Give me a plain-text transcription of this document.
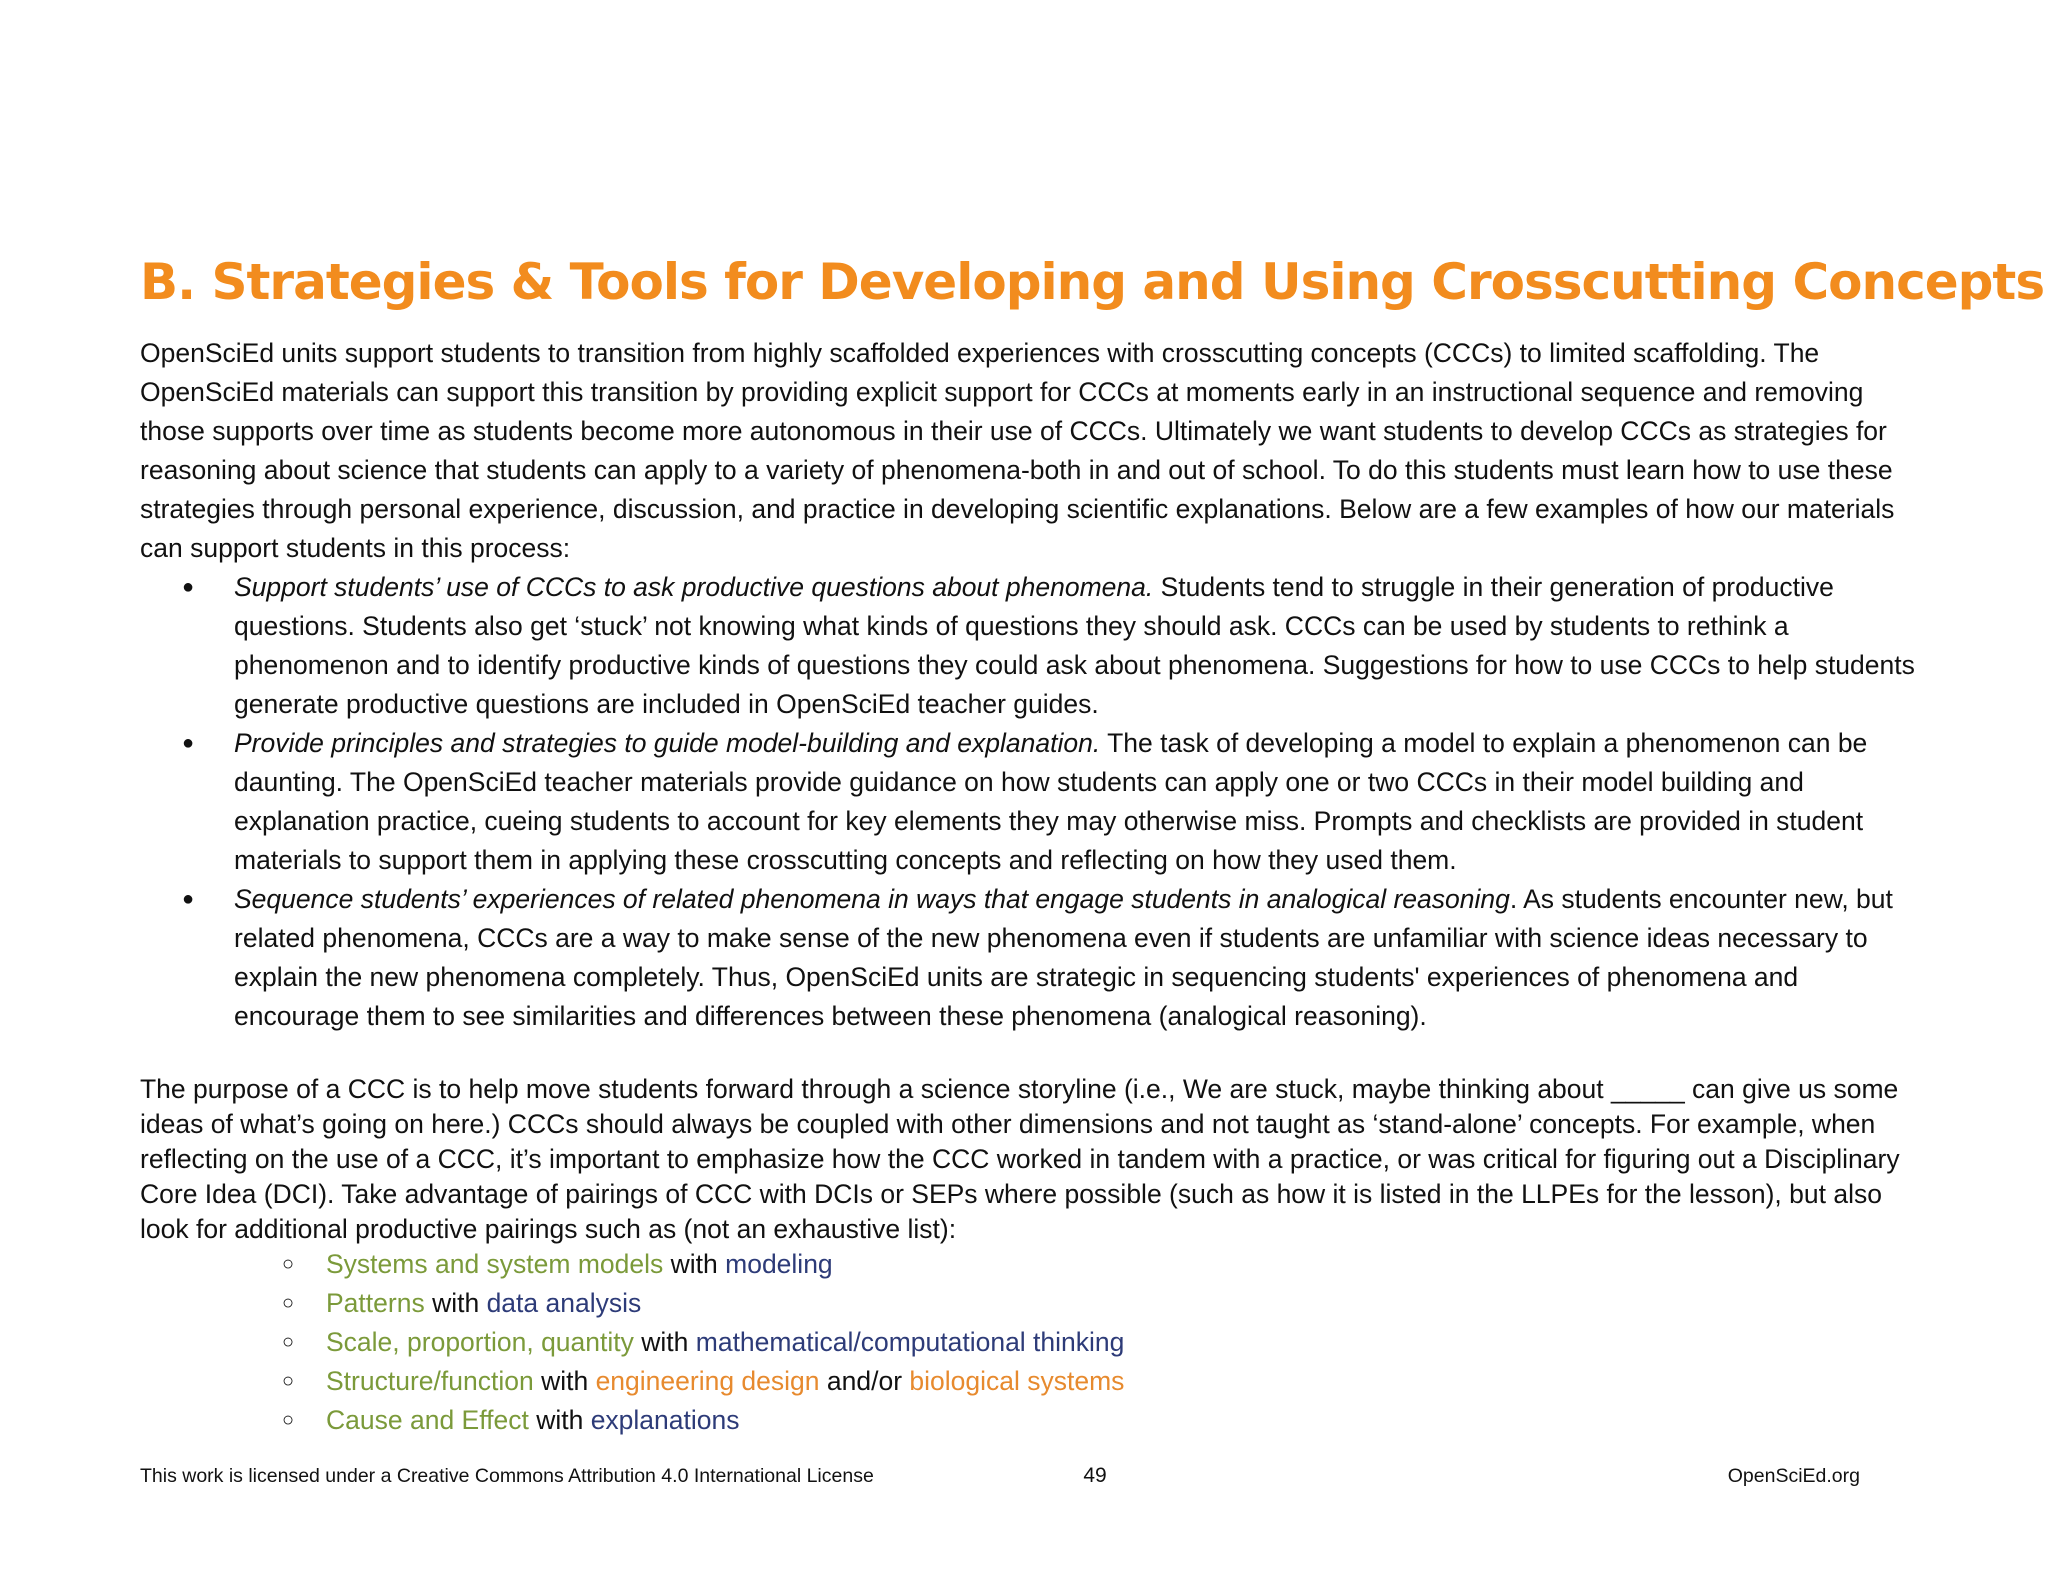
B. Strategies & Tools for Developing and Using Crosscutting Concepts

OpenSciEd units support students to transition from highly scaffolded experiences with crosscutting concepts (CCCs) to limited scaffolding. The OpenSciEd materials can support this transition by providing explicit support for CCCs at moments early in an instructional sequence and removing those supports over time as students become more autonomous in their use of CCCs. Ultimately we want students to develop CCCs as strategies for reasoning about science that students can apply to a variety of phenomena-both in and out of school. To do this students must learn how to use these strategies through personal experience, discussion, and practice in developing scientific explanations. Below are a few examples of how our materials can support students in this process:

● Support students’ use of CCCs to ask productive questions about phenomena. Students tend to struggle in their generation of productive questions. Students also get ‘stuck’ not knowing what kinds of questions they should ask. CCCs can be used by students to rethink a phenomenon and to identify productive kinds of questions they could ask about phenomena. Suggestions for how to use CCCs to help students generate productive questions are included in OpenSciEd teacher guides.
● Provide principles and strategies to guide model-building and explanation. The task of developing a model to explain a phenomenon can be daunting. The OpenSciEd teacher materials provide guidance on how students can apply one or two CCCs in their model building and explanation practice, cueing students to account for key elements they may otherwise miss. Prompts and checklists are provided in student materials to support them in applying these crosscutting concepts and reflecting on how they used them.
● Sequence students’ experiences of related phenomena in ways that engage students in analogical reasoning. As students encounter new, but related phenomena, CCCs are a way to make sense of the new phenomena even if students are unfamiliar with science ideas necessary to explain the new phenomena completely. Thus, OpenSciEd units are strategic in sequencing students' experiences of phenomena and encourage them to see similarities and differences between these phenomena (analogical reasoning).

The purpose of a CCC is to help move students forward through a science storyline (i.e., We are stuck, maybe thinking about _____ can give us some ideas of what’s going on here.) CCCs should always be coupled with other dimensions and not taught as ‘stand-alone’ concepts. For example, when reflecting on the use of a CCC, it’s important to emphasize how the CCC worked in tandem with a practice, or was critical for figuring out a Disciplinary Core Idea (DCI). Take advantage of pairings of CCC with DCIs or SEPs where possible (such as how it is listed in the LLPEs for the lesson), but also look for additional productive pairings such as (not an exhaustive list):

○ Systems and system models with modeling
○ Patterns with data analysis
○ Scale, proportion, quantity with mathematical/computational thinking
○ Structure/function with engineering design and/or biological systems
○ Cause and Effect with explanations
This work is licensed under a Creative Commons Attribution 4.0 International License	49	OpenSciEd.org
